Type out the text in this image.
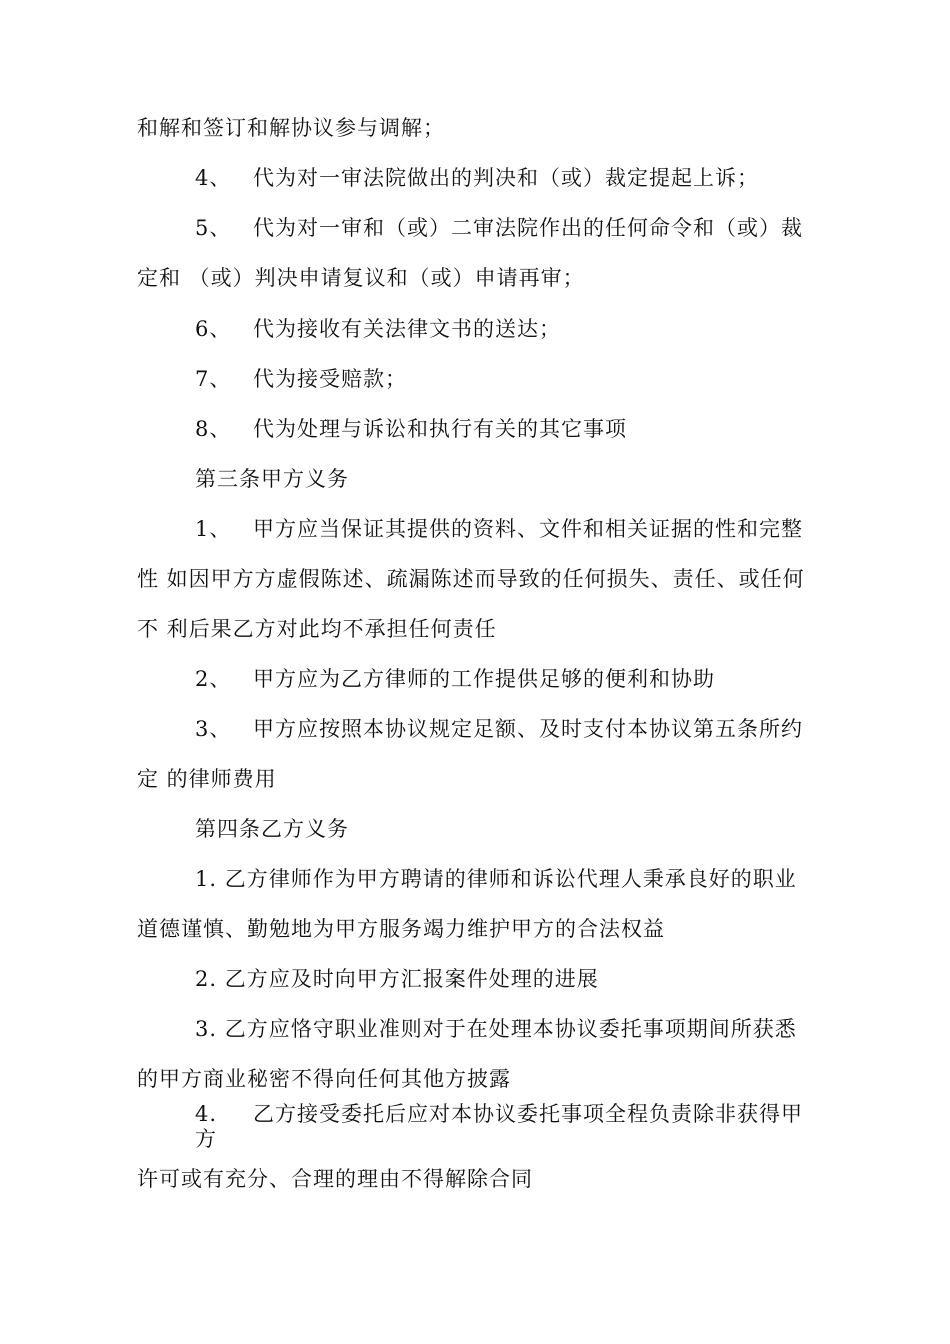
和解和签订和解协议参与调解；
4、 代为对一审法院做出的判决和（或）裁定提起上诉；
5、 代为对一审和（或）二审法院作出的任何命令和（或）裁
定和 （或）判决申请复议和（或）申请再审；
6、 代为接收有关法律文书的送达；
7、 代为接受赔款；
8、 代为处理与诉讼和执行有关的其它事项
第三条甲方义务
1、 甲方应当保证其提供的资料、文件和相关证据的性和完整
性 如因甲方方虚假陈述、疏漏陈述而导致的任何损失、责任、或任何
不 利后果乙方对此均不承担任何责任
2、 甲方应为乙方律师的工作提供足够的便利和协助
3、 甲方应按照本协议规定足额、及时支付本协议第五条所约
定 的律师费用
第四条乙方义务
1. 乙方律师作为甲方聘请的律师和诉讼代理人秉承良好的职业
道德谨慎、勤勉地为甲方服务竭力维护甲方的合法权益
2. 乙方应及时向甲方汇报案件处理的进展
3. 乙方应恪守职业准则对于在处理本协议委托事项期间所获悉
的甲方商业秘密不得向任何其他方披露
4. 乙方接受委托后应对本协议委托事项全程负责除非获得甲
方
许可或有充分、合理的理由不得解除合同
